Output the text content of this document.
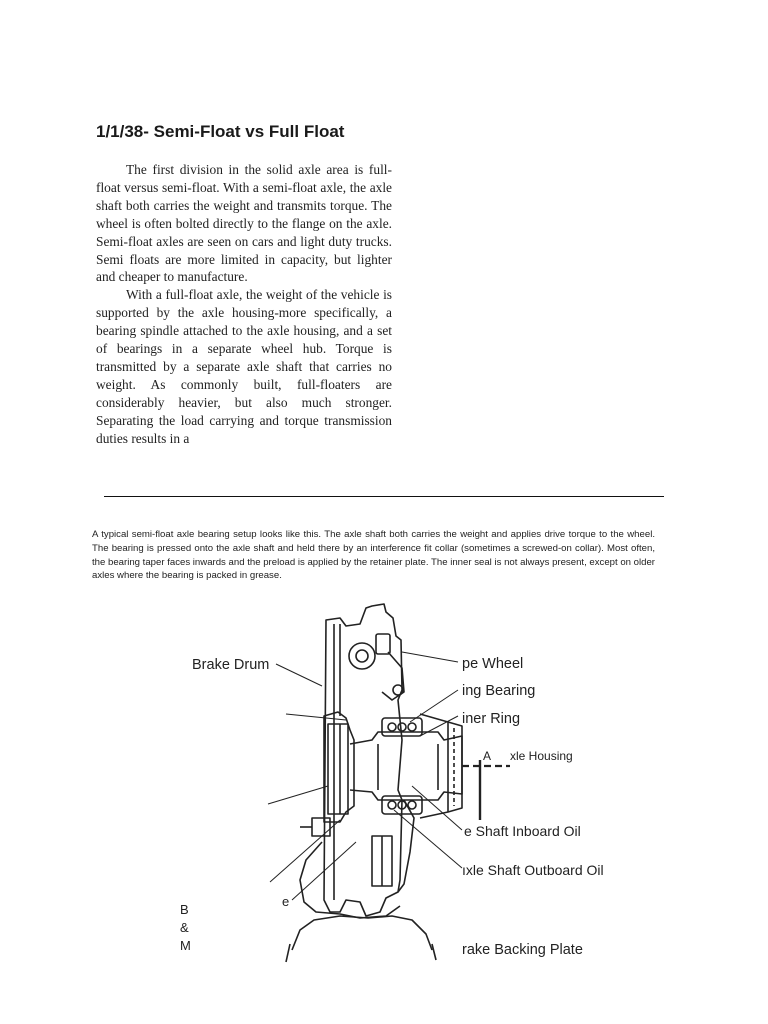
1/1/38- Semi-Float vs Full Float

The first division in the solid axle area is full-float versus semi-float. With a semi-float axle, the axle shaft both carries the weight and transmits torque. The wheel is often bolted directly to the flange on the axle. Semi-float axles are seen on cars and light duty trucks. Semi floats are more limited in capacity, but lighter and cheaper to manufacture.

With a full-float axle, the weight of the vehicle is supported by the axle housing-more specifically, a bearing spindle attached to the axle housing, and a set of bearings in a separate wheel hub. Torque is transmitted by a separate axle shaft that carries no weight. As commonly built, full-floaters are considerably heavier, but also much stronger. Separating the load carrying and torque transmission duties results in a

A typical semi-float axle bearing setup looks like this. The axle shaft both carries the weight and applies drive torque to the wheel. The bearing is pressed onto the axle shaft and held there by an interference fit collar (sometimes a screwed-on collar). Most often, the bearing taper faces inwards and the preload is applied by the retainer plate. The inner seal is not always present, except on older axles where the bearing is packed in grease.

Brake Drum	pe Wheel
ing Bearing
iner Ring
A xle Housing
e Shaft Inboard Oil
ıxle Shaft Outboard Oil
rake Backing Plate
B
&
M
e
